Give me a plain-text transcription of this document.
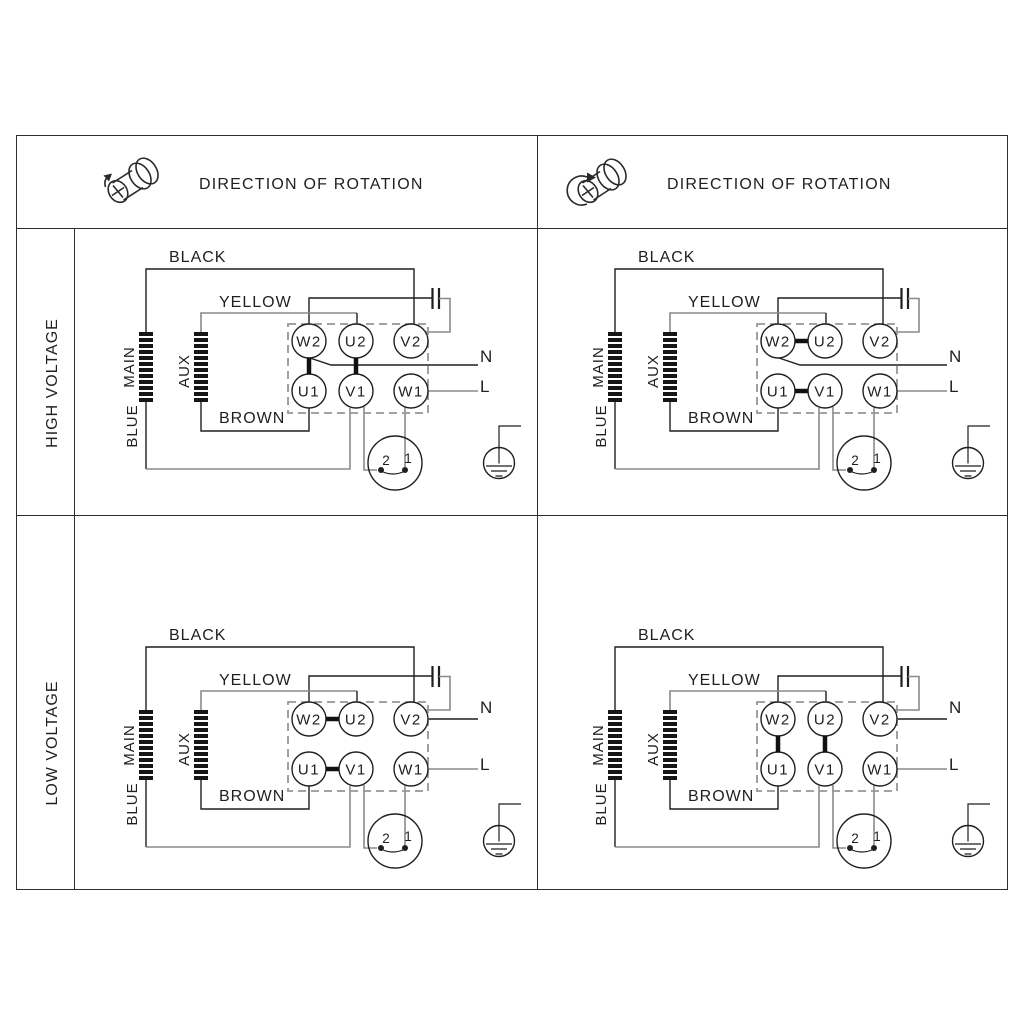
DIRECTION OF ROTATION	DIRECTION OF ROTATION
HIGH VOLTAGE
LOW VOLTAGE
L
N
MAIN	AUX
BLACK
YELLOW
BROWN
BLUE
W2 U2 V2
U1 V1 W1
2 1
L
N
MAIN	AUX
BLACK
YELLOW
BROWN
BLUE
W2 U2 V2
U1 V1 W1
2 1
L
N
MAIN	AUX
BLACK
YELLOW
BROWN
BLUE
W2 U2 V2
U1 V1 W1
2 1
L
N
MAIN	AUX
BLACK
YELLOW
BROWN
BLUE
W2 U2 V2
U1 V1 W1
2 1
